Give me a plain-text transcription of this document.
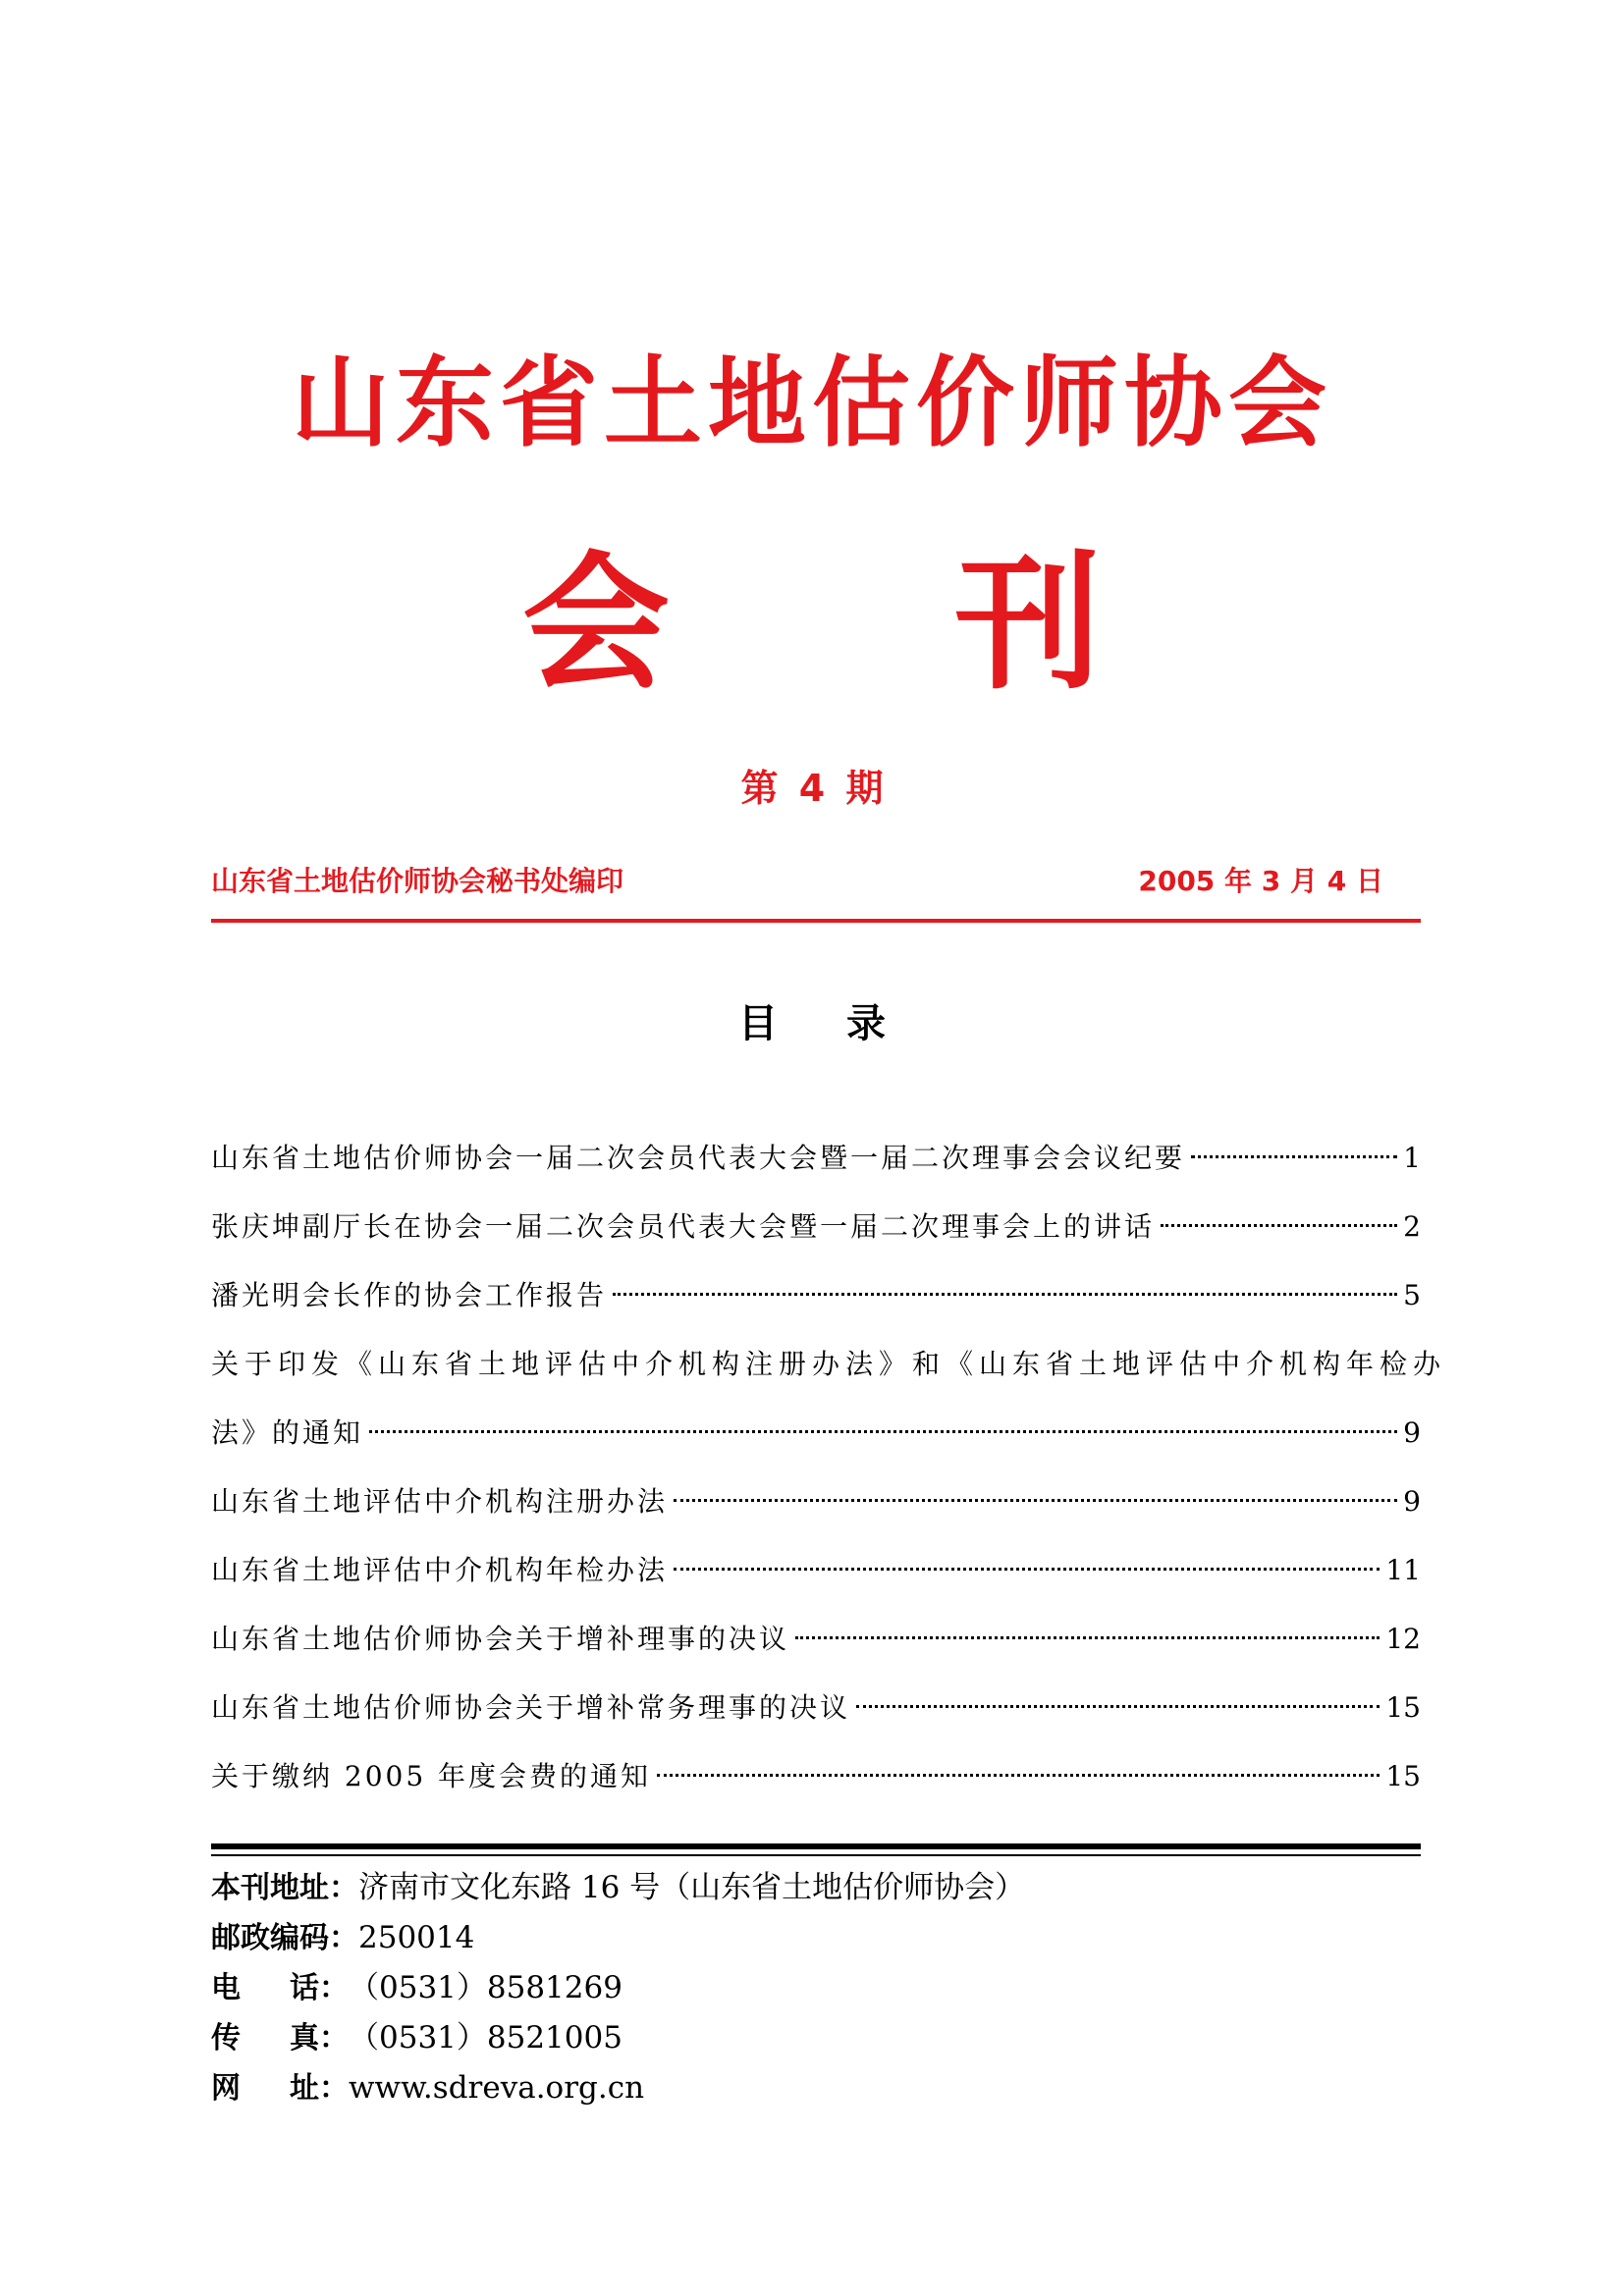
山东省土地估价师协会
会刊
第 4 期
山东省土地估价师协会秘书处编印	2005 年 3 月 4 日
目录
山东省土地估价师协会一届二次会员代表大会暨一届二次理事会会议纪要	1
张庆坤副厅长在协会一届二次会员代表大会暨一届二次理事会上的讲话	2
潘光明会长作的协会工作报告	5
关于印发《山东省土地评估中介机构注册办法》和《山东省土地评估中介机构年检办
法》的通知	9
山东省土地评估中介机构注册办法	9
山东省土地评估中介机构年检办法	11
山东省土地估价师协会关于增补理事的决议	12
山东省土地估价师协会关于增补常务理事的决议	15
关于缴纳 2005 年度会费的通知	15
本刊地址：济南市文化东路 16 号（山东省土地估价师协会）
邮政编码：250014
电话：（0531）8581269
传真：（0531）8521005
网址：www.sdreva.org.cn
